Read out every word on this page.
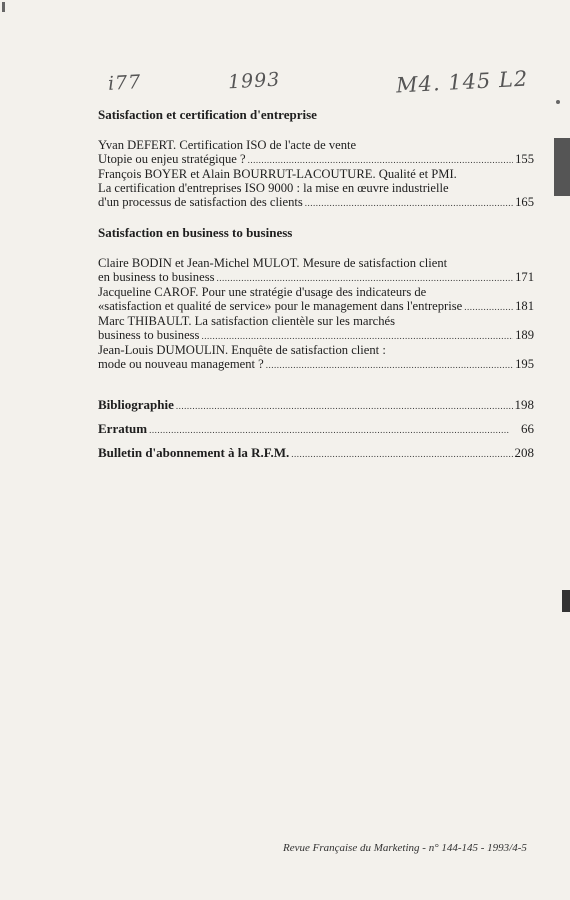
i77	1993	M4. 145 L2
Satisfaction et certification d'entreprise
Yvan DEFERT. Certification ISO de l'acte de vente
Utopie ou enjeu stratégique ? .....	155
François BOYER et Alain BOURRUT-LACOUTURE. Qualité et PMI.
La certification d'entreprises ISO 9000 : la mise en œuvre industrielle
d'un processus de satisfaction des clients .....	165
Satisfaction en business to business
Claire BODIN et Jean-Michel MULOT. Mesure de satisfaction client
en business to business .....	171
Jacqueline CAROF. Pour une stratégie d'usage des indicateurs de
«satisfaction et qualité de service» pour le management dans l'entreprise .....	181
Marc THIBAULT. La satisfaction clientèle sur les marchés
business to business .....	189
Jean-Louis DUMOULIN. Enquête de satisfaction client :
mode ou nouveau management ? .....	195
Bibliographie .....	198
Erratum .....	66
Bulletin d'abonnement à la R.F.M. .....	208
Revue Française du Marketing - n° 144-145 - 1993/4-5
